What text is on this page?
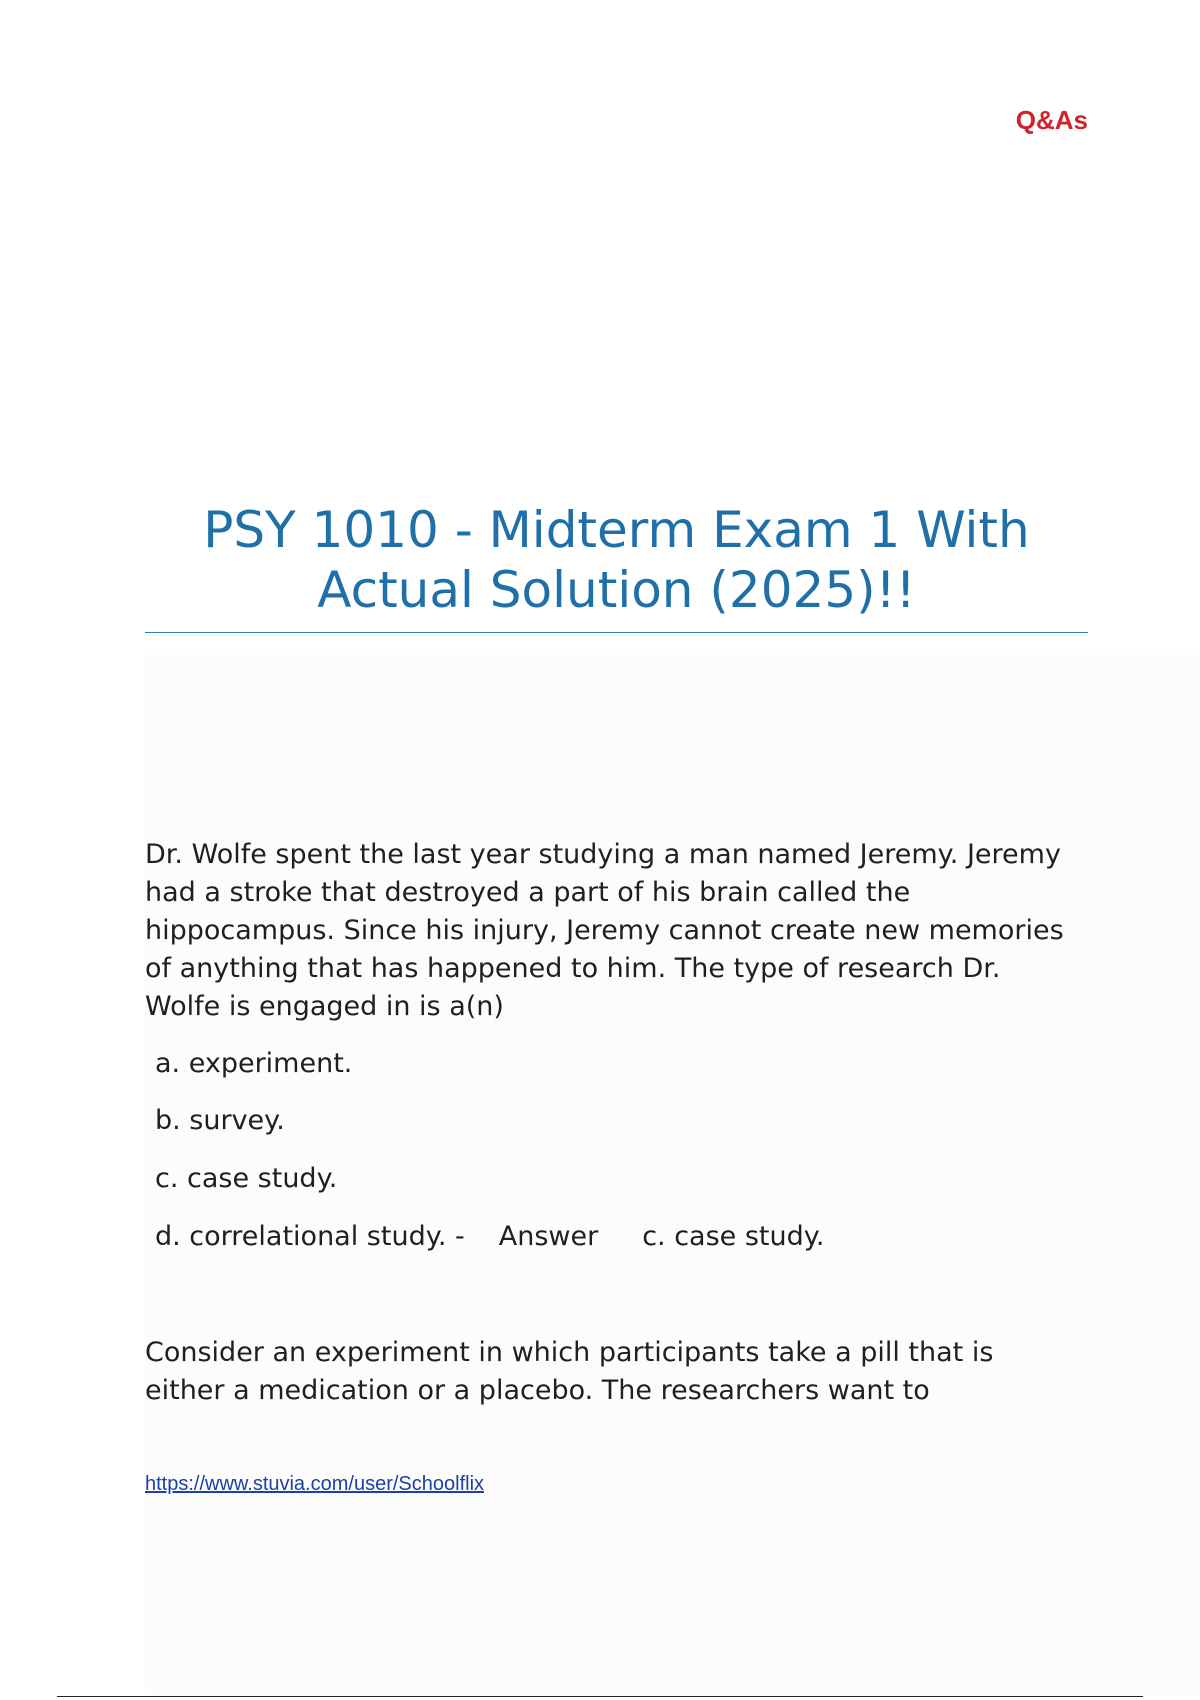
Q&As
PSY 1010 - Midterm Exam 1 With Actual Solution (2025)!!

Dr. Wolfe spent the last year studying a man named Jeremy. Jeremy had a stroke that destroyed a part of his brain called the hippocampus. Since his injury, Jeremy cannot create new memories of anything that has happened to him. The type of research Dr. Wolfe is engaged in is a(n)

a. experiment.
b. survey.
c. case study.
d. correlational study. - Answer c. case study.

Consider an experiment in which participants take a pill that is either a medication or a placebo. The researchers want to

https://www.stuvia.com/user/Schoolflix
